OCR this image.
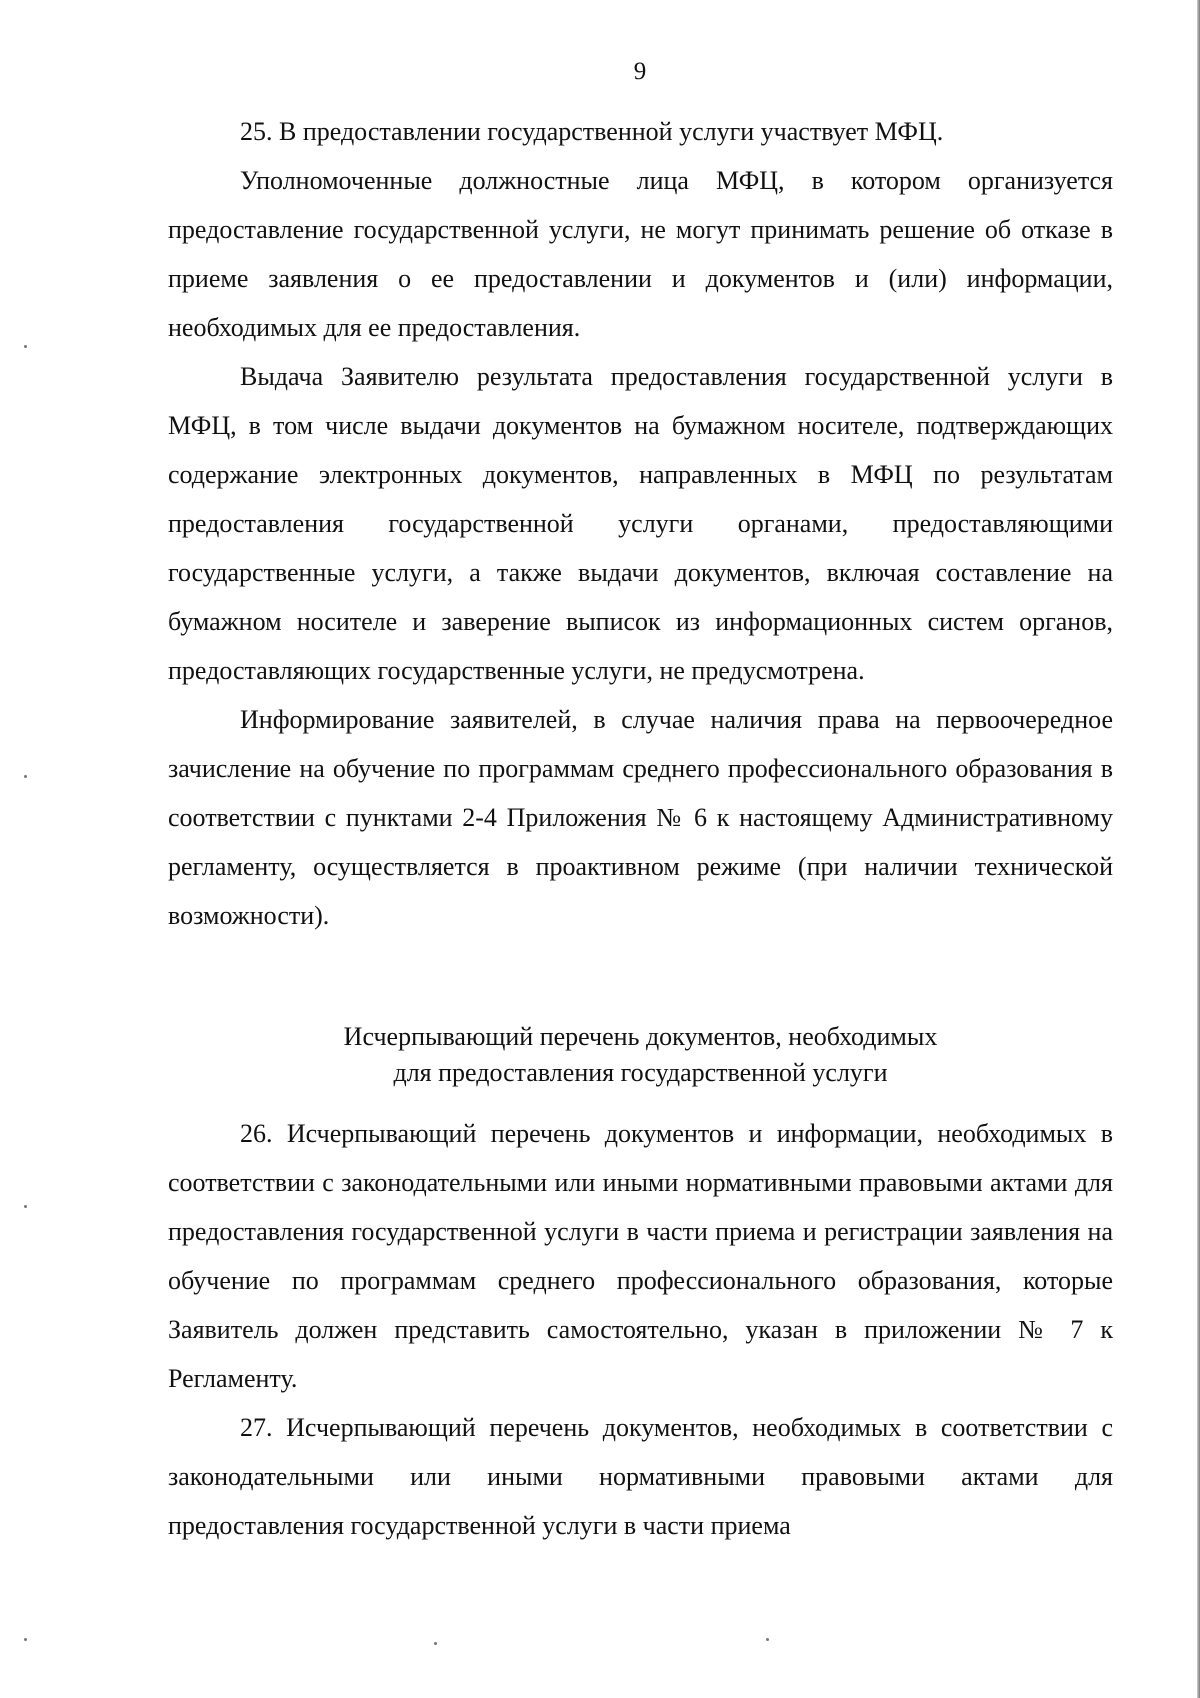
9

25. В предоставлении государственной услуги участвует МФЦ.

Уполномоченные должностные лица МФЦ, в котором организуется предоставление государственной услуги, не могут принимать решение об отказе в приеме заявления о ее предоставлении и документов и (или) информации, необходимых для ее предоставления.

Выдача Заявителю результата предоставления государственной услуги в МФЦ, в том числе выдачи документов на бумажном носителе, подтверждающих содержание электронных документов, направленных в МФЦ по результатам предоставления государственной услуги органами, предоставляющими государственные услуги, а также выдачи документов, включая составление на бумажном носителе и заверение выписок из информационных систем органов, предоставляющих государственные услуги, не предусмотрена.

Информирование заявителей, в случае наличия права на первоочередное зачисление на обучение по программам среднего профессионального образования в соответствии с пунктами 2-4 Приложения № 6 к настоящему Административному регламенту, осуществляется в проактивном режиме (при наличии технической возможности).

Исчерпывающий перечень документов, необходимых
для предоставления государственной услуги

26. Исчерпывающий перечень документов и информации, необходимых в соответствии с законодательными или иными нормативными правовыми актами для предоставления государственной услуги в части приема и регистрации заявления на обучение по программам среднего профессионального образования, которые Заявитель должен представить самостоятельно, указан в приложении № 7 к Регламенту.

27. Исчерпывающий перечень документов, необходимых в соответствии с законодательными или иными нормативными правовыми актами для предоставления государственной услуги в части приема
